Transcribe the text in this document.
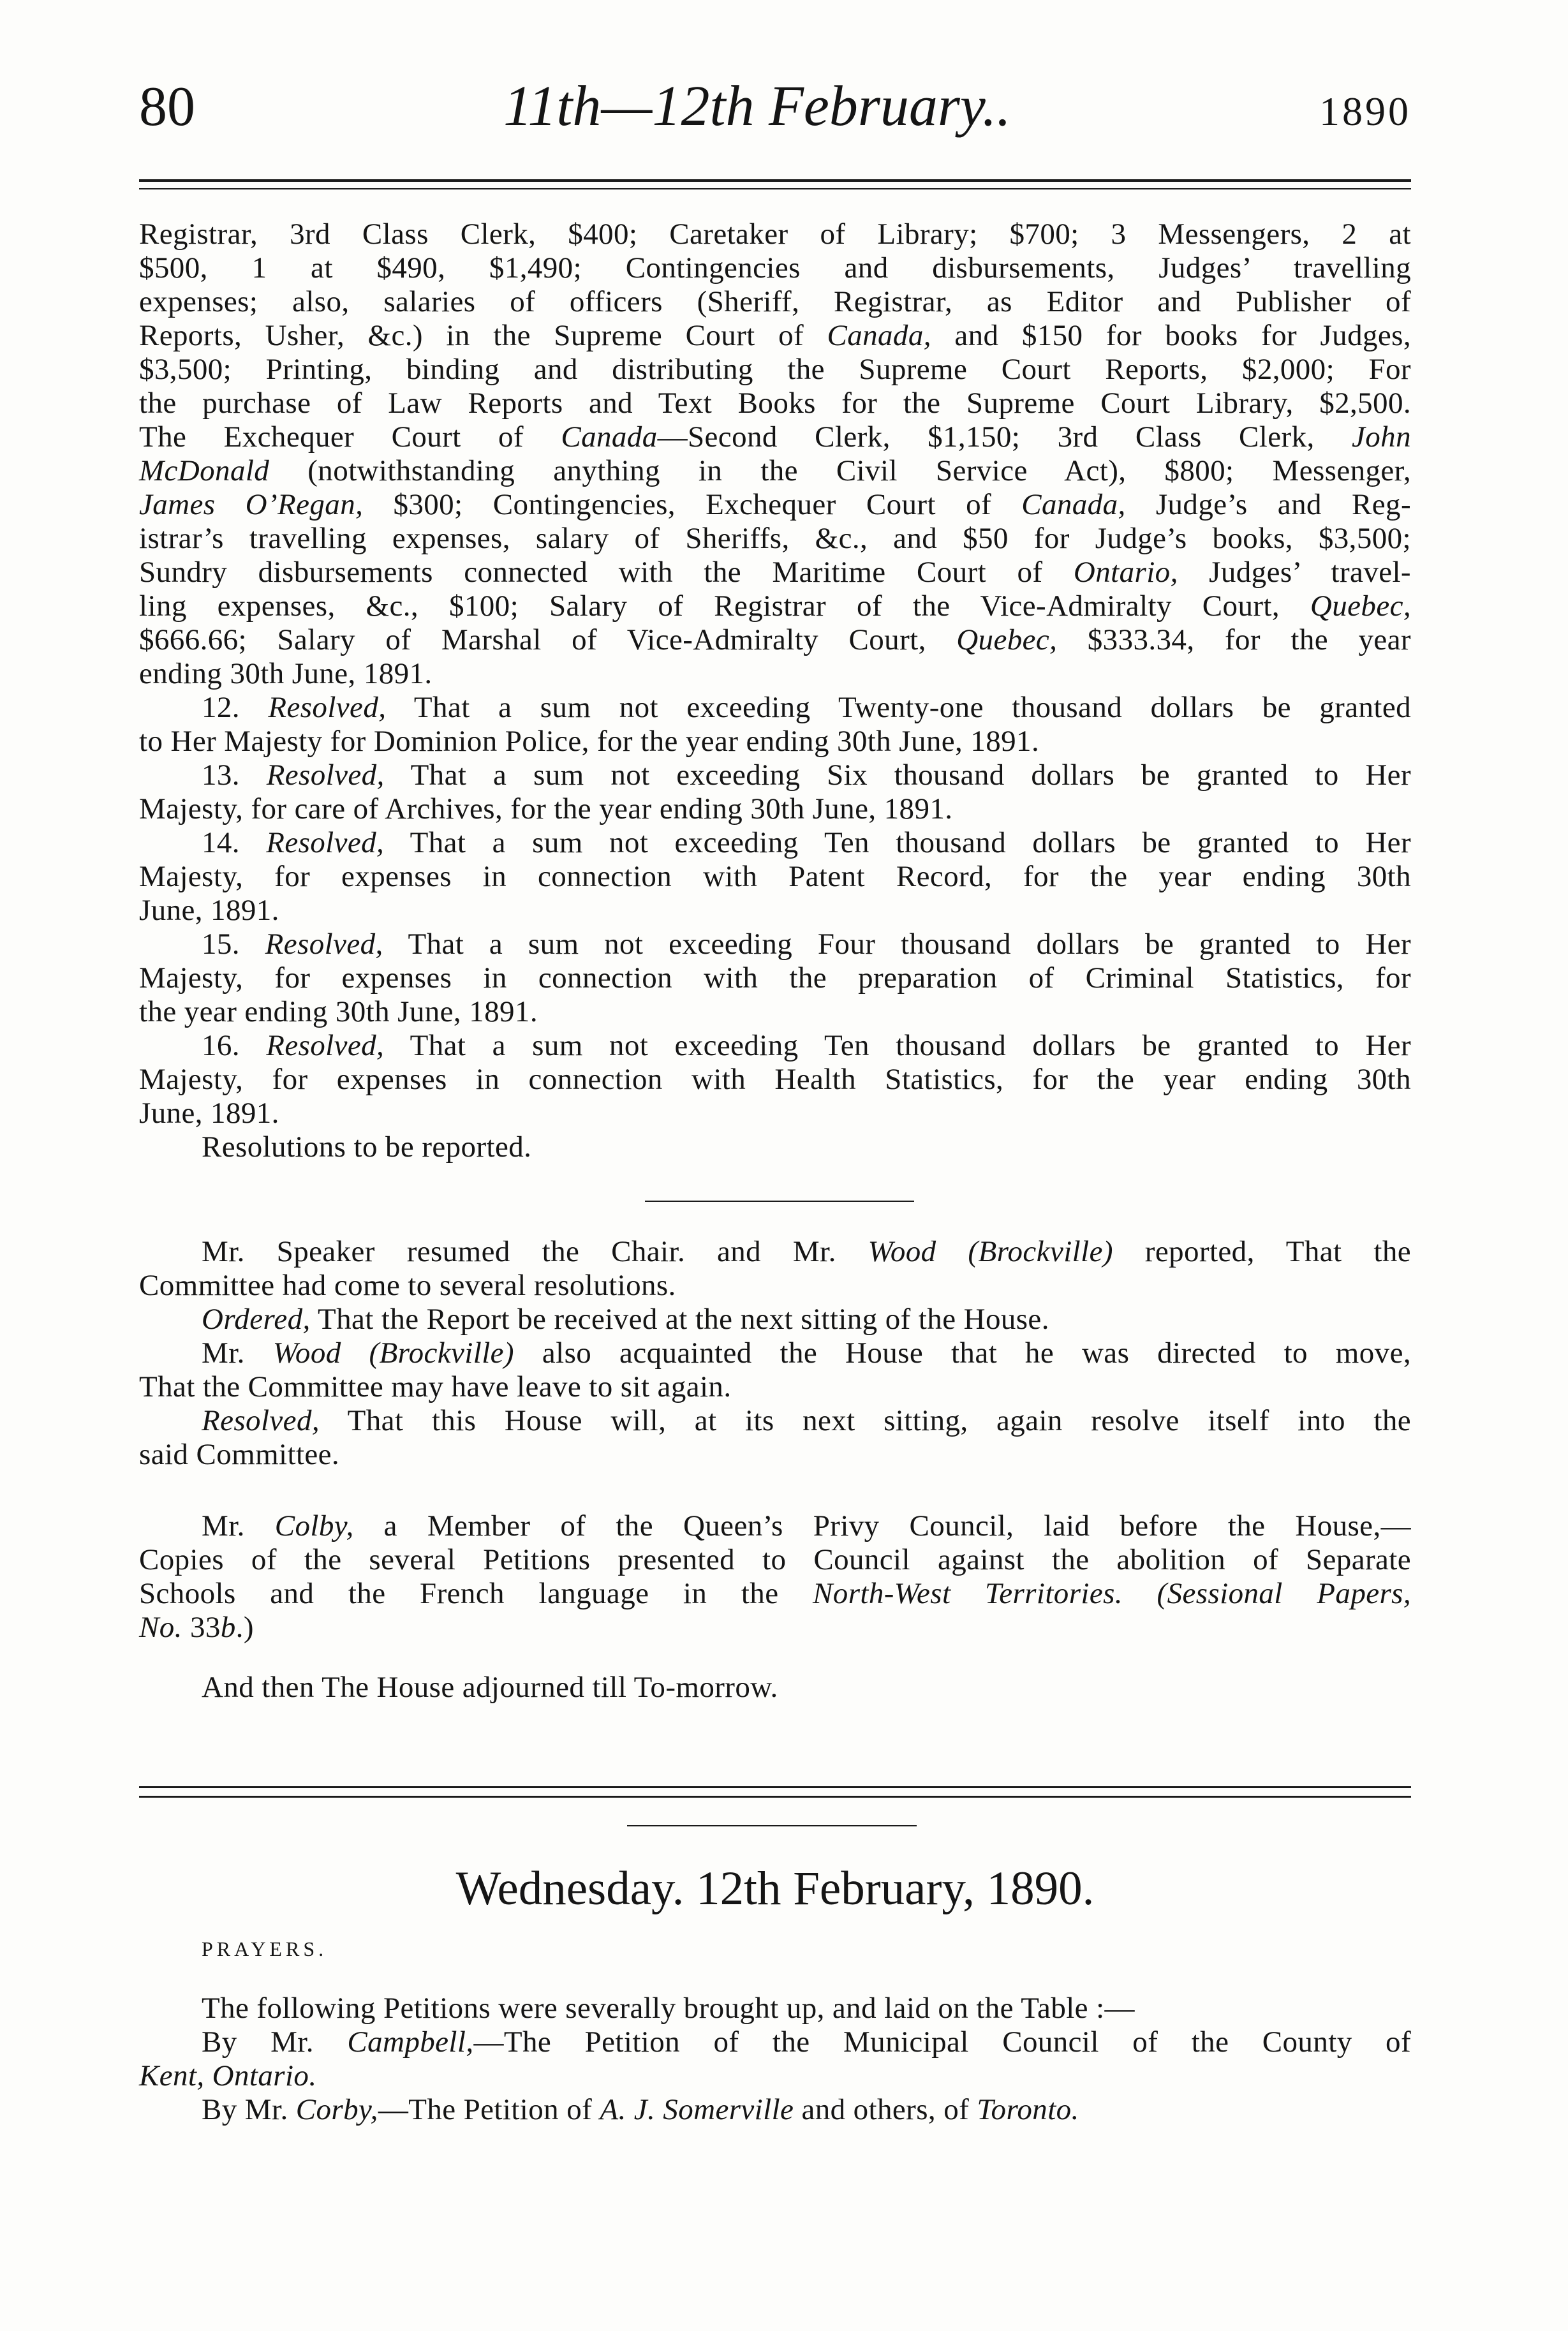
80	11th—12th February..	1890
Registrar, 3rd Class Clerk, $400; Caretaker of Library; $700; 3 Messengers, 2 at
$500, 1 at $490, $1,490; Contingencies and disbursements, Judges’ travelling
expenses; also, salaries of officers (Sheriff, Registrar, as Editor and Publisher of
Reports, Usher, &c.) in the Supreme Court of Canada, and $150 for books for Judges,
$3,500; Printing, binding and distributing the Supreme Court Reports, $2,000; For
the purchase of Law Reports and Text Books for the Supreme Court Library, $2,500.
The Exchequer Court of Canada—Second Clerk, $1,150; 3rd Class Clerk, John
McDonald (notwithstanding anything in the Civil Service Act), $800; Messenger,
James O’Regan, $300; Contingencies, Exchequer Court of Canada, Judge’s and Reg-
istrar’s travelling expenses, salary of Sheriffs, &c., and $50 for Judge’s books, $3,500;
Sundry disbursements connected with the Maritime Court of Ontario, Judges’ travel-
ling expenses, &c., $100; Salary of Registrar of the Vice-Admiralty Court, Quebec,
$666.66; Salary of Marshal of Vice-Admiralty Court, Quebec, $333.34, for the year
ending 30th June, 1891.
12. Resolved, That a sum not exceeding Twenty-one thousand dollars be granted
to Her Majesty for Dominion Police, for the year ending 30th June, 1891.
13. Resolved, That a sum not exceeding Six thousand dollars be granted to Her
Majesty, for care of Archives, for the year ending 30th June, 1891.
14. Resolved, That a sum not exceeding Ten thousand dollars be granted to Her
Majesty, for expenses in connection with Patent Record, for the year ending 30th
June, 1891.
15. Resolved, That a sum not exceeding Four thousand dollars be granted to Her
Majesty, for expenses in connection with the preparation of Criminal Statistics, for
the year ending 30th June, 1891.
16. Resolved, That a sum not exceeding Ten thousand dollars be granted to Her
Majesty, for expenses in connection with Health Statistics, for the year ending 30th
June, 1891.
Resolutions to be reported.
Mr. Speaker resumed the Chair. and Mr. Wood (Brockville) reported, That the
Committee had come to several resolutions.
Ordered, That the Report be received at the next sitting of the House.
Mr. Wood (Brockville) also acquainted the House that he was directed to move,
That the Committee may have leave to sit again.
Resolved, That this House will, at its next sitting, again resolve itself into the
said Committee.
Mr. Colby, a Member of the Queen’s Privy Council, laid before the House,—
Copies of the several Petitions presented to Council against the abolition of Separate
Schools and the French language in the North-West Territories. (Sessional Papers,
No. 33b.)
And then The House adjourned till To-morrow.
Wednesday. 12th February, 1890.
PRAYERS.
The following Petitions were severally brought up, and laid on the Table :—
By Mr. Campbell,—The Petition of the Municipal Council of the County of
Kent, Ontario.
By Mr. Corby,—The Petition of A. J. Somerville and others, of Toronto.
